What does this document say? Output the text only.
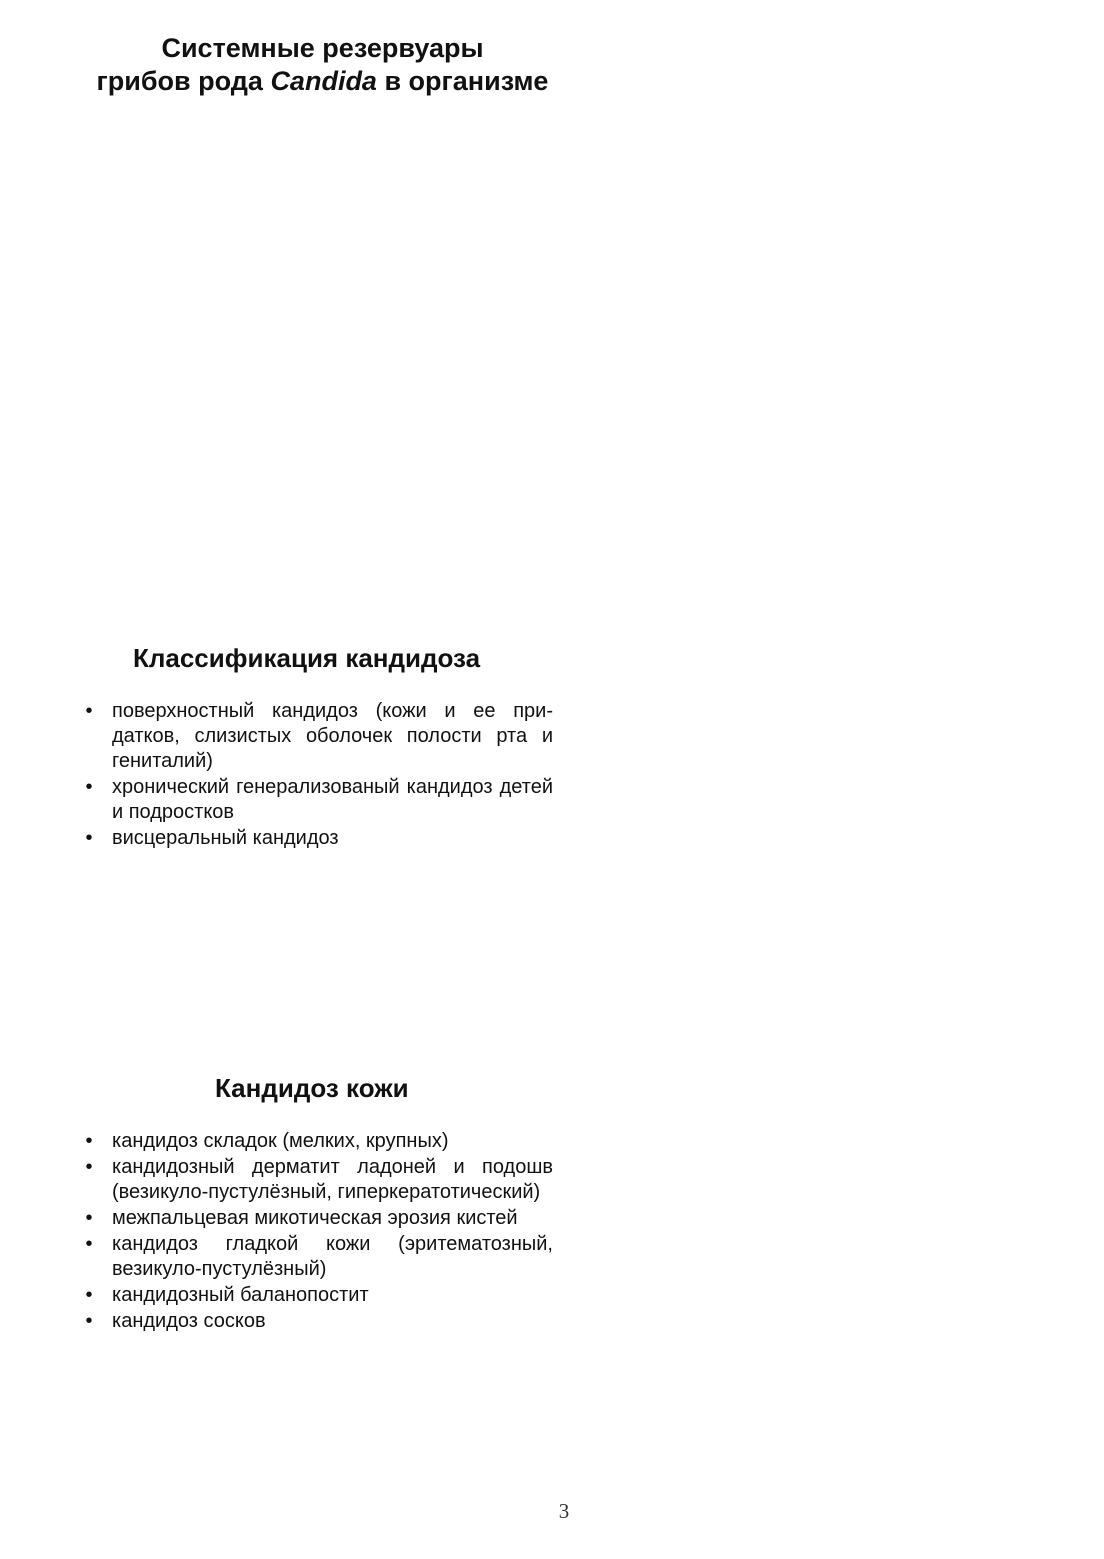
Системные резервуары
грибов рода Candida в организме
Классификация кандидоза
• поверхностный кандидоз (кожи и ее придатков, слизистых оболочек полости рта и гениталий)
• хронический генерализованый кандидоз детей и подростков
• висцеральный кандидоз
Кандидоз кожи
• кандидоз складок (мелких, крупных)
• кандидозный дерматит ладоней и подошв (везикуло-пустулёзный, гиперкератотический)
• межпальцевая микотическая эрозия кистей
• кандидоз гладкой кожи (эритематозный, везикуло-пустулёзный)
• кандидозный баланопостит
• кандидоз сосков
3
